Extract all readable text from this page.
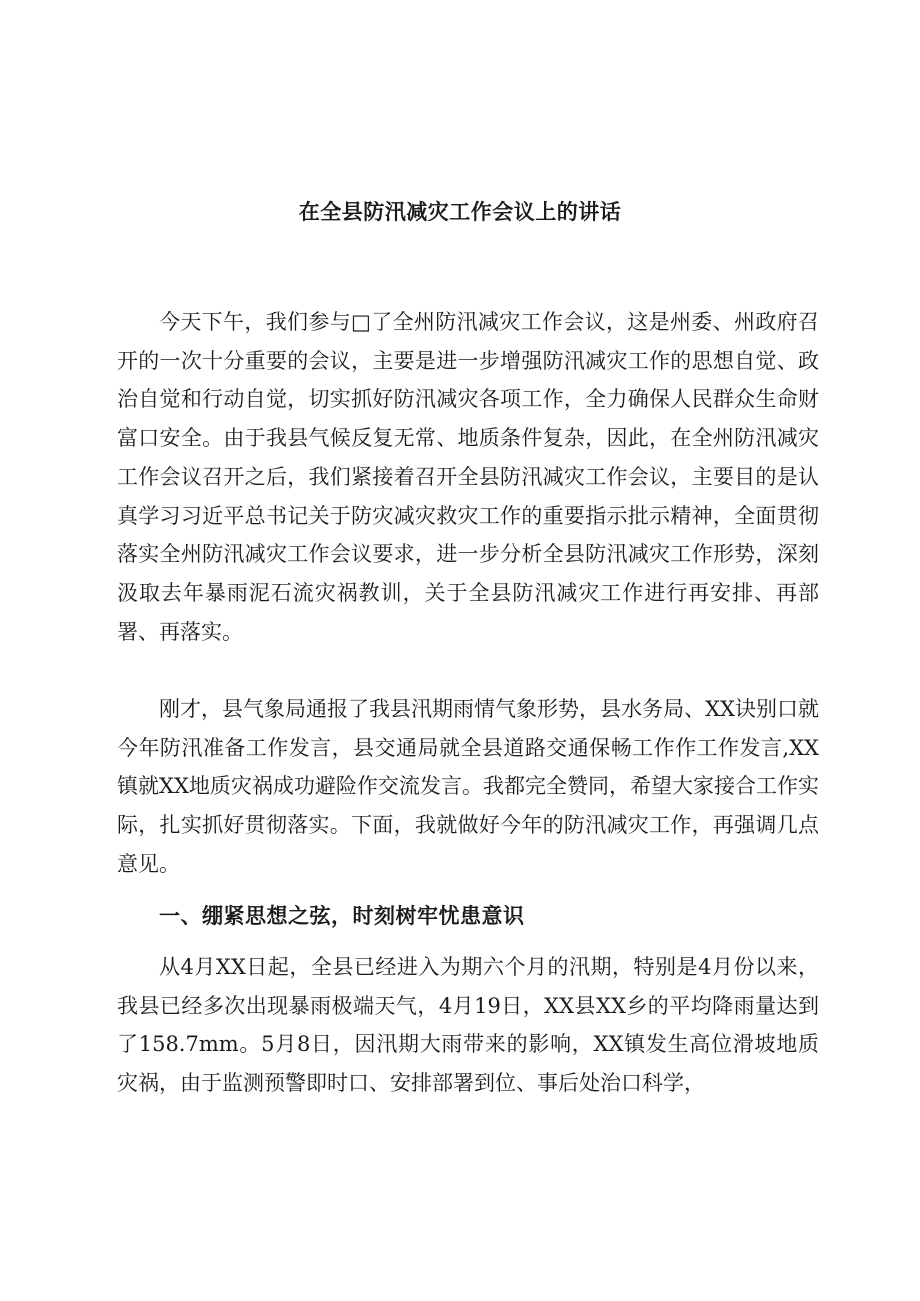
在全县防汛减灾工作会议上的讲话

今天下午，我们参与□了全州防汛减灾工作会议，这是州委、州政府召开的一次十分重要的会议，主要是进一步增强防汛减灾工作的思想自觉、政治自觉和行动自觉，切实抓好防汛减灾各项工作，全力确保人民群众生命财富口安全。由于我县气候反复无常、地质条件复杂，因此，在全州防汛减灾工作会议召开之后，我们紧接着召开全县防汛减灾工作会议，主要目的是认真学习习近平总书记关于防灾减灾救灾工作的重要指示批示精神，全面贯彻落实全州防汛减灾工作会议要求，进一步分析全县防汛减灾工作形势，深刻汲取去年暴雨泥石流灾祸教训，关于全县防汛减灾工作进行再安排、再部署、再落实。

刚才，县气象局通报了我县汛期雨情气象形势，县水务局、XX诀别口就今年防汛准备工作发言，县交通局就全县道路交通保畅工作作工作发言,XX镇就XX地质灾祸成功避险作交流发言。我都完全赞同，希望大家接合工作实际，扎实抓好贯彻落实。下面，我就做好今年的防汛减灾工作，再强调几点意见。

一、绷紧思想之弦，时刻树牢忧患意识

从4月XX日起，全县已经进入为期六个月的汛期，特别是4月份以来，我县已经多次出现暴雨极端天气，4月19日，XX县XX乡的平均降雨量达到了158.7mm。5月8日，因汛期大雨带来的影响，XX镇发生高位滑坡地质灾祸，由于监测预警即时口、安排部署到位、事后处治口科学，
